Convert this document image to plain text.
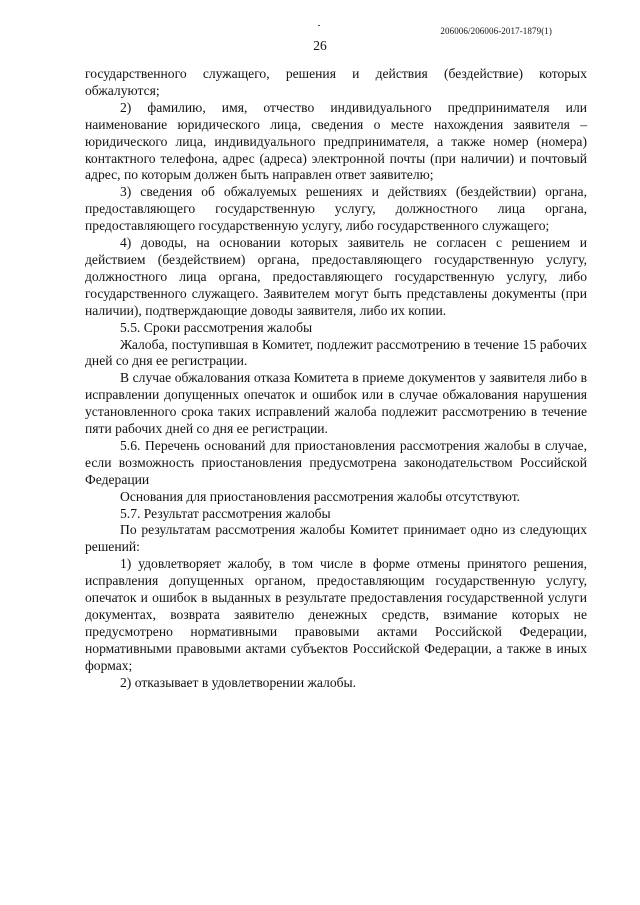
206006/206006-2017-1879(1)
26

государственного служащего, решения и действия (бездействие) которых обжалуются;

2) фамилию, имя, отчество индивидуального предпринимателя или наименование юридического лица, сведения о месте нахождения заявителя – юридического лица, индивидуального предпринимателя, а также номер (номера) контактного телефона, адрес (адреса) электронной почты (при наличии) и почтовый адрес, по которым должен быть направлен ответ заявителю;

3) сведения об обжалуемых решениях и действиях (бездействии) органа, предоставляющего государственную услугу, должностного лица органа, предоставляющего государственную услугу, либо государственного служащего;

4) доводы, на основании которых заявитель не согласен с решением и действием (бездействием) органа, предоставляющего государственную услугу, должностного лица органа, предоставляющего государственную услугу, либо государственного служащего. Заявителем могут быть представлены документы (при наличии), подтверждающие доводы заявителя, либо их копии.

5.5. Сроки рассмотрения жалобы

Жалоба, поступившая в Комитет, подлежит рассмотрению в течение 15 рабочих дней со дня ее регистрации.

В случае обжалования отказа Комитета в приеме документов у заявителя либо в исправлении допущенных опечаток и ошибок или в случае обжалования нарушения установленного срока таких исправлений жалоба подлежит рассмотрению в течение пяти рабочих дней со дня ее регистрации.

5.6. Перечень оснований для приостановления рассмотрения жалобы в случае, если возможность приостановления предусмотрена законодательством Российской Федерации

Основания для приостановления рассмотрения жалобы отсутствуют.

5.7. Результат рассмотрения жалобы

По результатам рассмотрения жалобы Комитет принимает одно из следующих решений:

1) удовлетворяет жалобу, в том числе в форме отмены принятого решения, исправления допущенных органом, предоставляющим государственную услугу, опечаток и ошибок в выданных в результате предоставления государственной услуги документах, возврата заявителю денежных средств, взимание которых не предусмотрено нормативными правовыми актами Российской Федерации, нормативными правовыми актами субъектов Российской Федерации, а также в иных формах;

2) отказывает в удовлетворении жалобы.
